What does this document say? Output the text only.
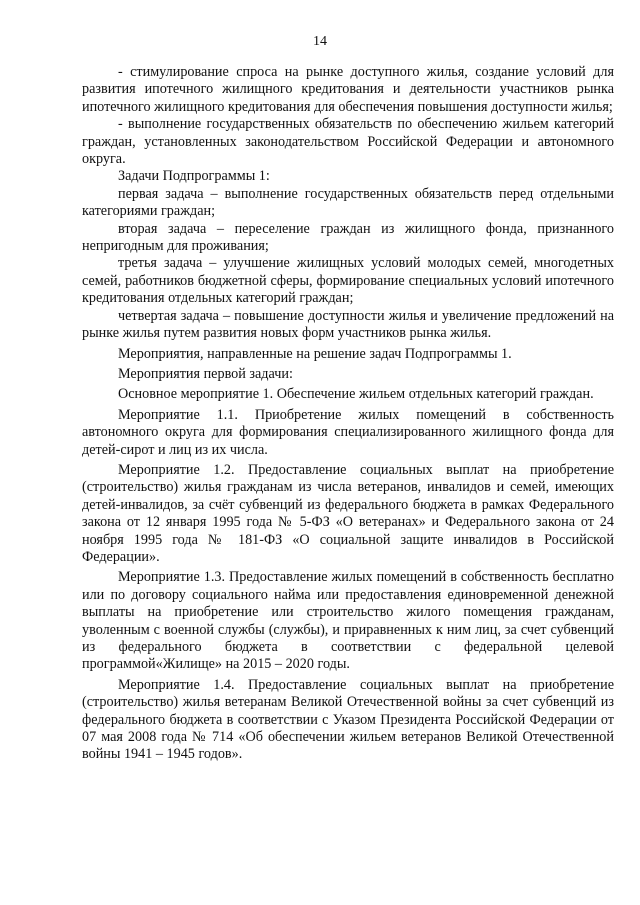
14

- стимулирование спроса на рынке доступного жилья, создание условий для развития ипотечного жилищного кредитования и деятельности участников рынка ипотечного жилищного кредитования для обеспечения повышения доступности жилья;

- выполнение государственных обязательств по обеспечению жильем категорий граждан, установленных законодательством Российской Федерации и автономного округа.

Задачи Подпрограммы 1:

первая задача – выполнение государственных обязательств перед отдельными категориями граждан;

вторая задача – переселение граждан из жилищного фонда, признанного непригодным для проживания;

третья задача – улучшение жилищных условий молодых семей, многодетных семей, работников бюджетной сферы, формирование специальных условий ипотечного кредитования отдельных категорий граждан;

четвертая задача – повышение доступности жилья и увеличение предложений на рынке жилья путем развития новых форм участников рынка жилья.

Мероприятия, направленные на решение задач Подпрограммы 1.

Мероприятия первой задачи:

Основное мероприятие 1. Обеспечение жильем отдельных категорий граждан.

Мероприятие 1.1. Приобретение жилых помещений в собственность автономного округа для формирования специализированного жилищного фонда для детей-сирот и лиц из их числа.

Мероприятие 1.2. Предоставление социальных выплат на приобретение (строительство) жилья гражданам из числа ветеранов, инвалидов и семей, имеющих детей-инвалидов, за счёт субвенций из федерального бюджета в рамках Федерального закона от 12 января 1995 года № 5-ФЗ «О ветеранах» и Федерального закона от 24 ноября 1995 года № 181-ФЗ «О социальной защите инвалидов в Российской Федерации».

Мероприятие 1.3. Предоставление жилых помещений в собственность бесплатно или по договору социального найма или предоставления единовременной денежной выплаты на приобретение или строительство жилого помещения гражданам, уволенным с военной службы (службы), и приравненных к ним лиц, за счет субвенций из федерального бюджета в соответствии с федеральной целевой программой«Жилище» на 2015 – 2020 годы.

Мероприятие 1.4. Предоставление социальных выплат на приобретение (строительство) жилья ветеранам Великой Отечественной войны за счет субвенций из федерального бюджета в соответствии с Указом Президента Российской Федерации от 07 мая 2008 года № 714 «Об обеспечении жильем ветеранов Великой Отечественной войны 1941 – 1945 годов».
